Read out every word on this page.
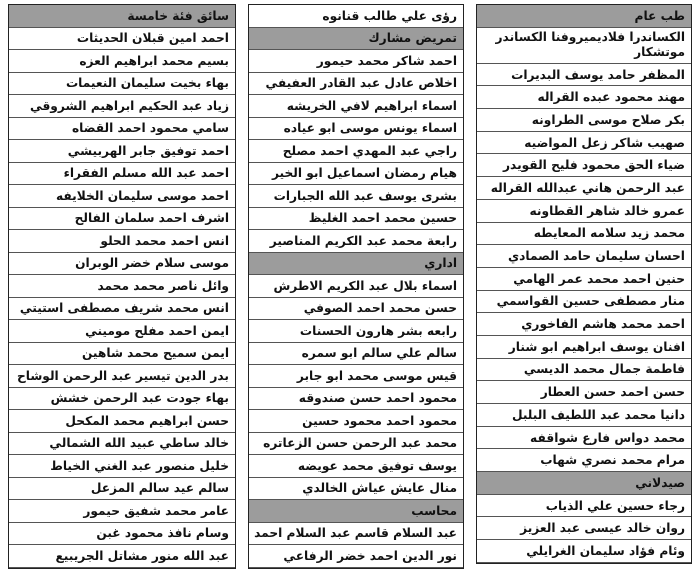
طب عام
الكساندرا فلاديميروفنا الكساندر موتشكار
المظفر حامد يوسف البديرات
مهند محمود عبده القراله
بكر صلاح موسى الطراونه
صهيب شاكر زعل المواضيه
ضياء الحق محمود فليح القويدر
عبد الرحمن هاني عبدالله القراله
عمرو خالد شاهر القطاونه
محمد زيد سلامه المعايطه
احسان سليمان حامد الصمادي
حنين احمد محمد عمر الهامي
منار مصطفى حسين القواسمي
احمد محمد هاشم الفاخوري
افنان يوسف ابراهيم ابو شنار
فاطمة جمال محمد الديسي
حسن احمد حسن العطار
دانيا محمد عبد اللطيف البلبل
محمد دواس فارع شواقفه
مرام محمد نصري شهاب
صيدلاني
رجاء حسين علي الذياب
روان خالد عيسى عبد العزيز
وئام فؤاد سليمان الغرايلي
رؤى علي طالب قنانوه
تمريض مشارك
احمد شاكر محمد حيمور
اخلاص عادل عبد القادر العفيفي
اسماء ابراهيم لافي الخريشه
اسماء يونس موسى ابو عياده
راجي عبد المهدي احمد مصلح
هيام رمضان اسماعيل ابو الخير
بشرى يوسف عبد الله الجبارات
حسين محمد احمد الغليظ
رابعة محمد عبد الكريم المناصير
اداري
اسماء بلال عبد الكريم الاطرش
حسن محمد احمد الصوفي
رابعه بشر هارون الحسنات
سالم علي سالم ابو سمره
قيس موسى محمد ابو جابر
محمود احمد حسن صندوقه
محمود احمد محمود حسين
محمد عبد الرحمن حسن الزعاتره
يوسف توفيق محمد عويضه
منال عايش عياش الخالدي
محاسب
عبد السلام قاسم عبد السلام احمد
نور الدين احمد خضر الرفاعي
سائق فئة خامسة
احمد امين قبلان الحديثات
بسيم محمد ابراهيم العزه
بهاء بخيت سليمان النعيمات
زياد عبد الحكيم ابراهيم الشروقي
سامي محمود احمد القضاه
احمد توفيق جابر الهربيشي
احمد عبد الله مسلم الفقراء
احمد موسى سليمان الخلايفه
اشرف احمد سلمان الفالح
انس احمد محمد الحلو
موسى سلام خضر الوبران
وائل ناصر محمد محمد
انس محمد شريف مصطفى استيتي
ايمن احمد مفلح موميني
ايمن سميح محمد شاهين
بدر الدين تيسير عبد الرحمن الوشاح
بهاء جودت عبد الرحمن خشش
حسن ابراهيم محمد المكحل
خالد ساطي عبيد الله الشمالي
خليل منصور عبد الغني الخياط
سالم عيد سالم المزعل
عامر محمد شفيق حيمور
وسام نافذ محمود غبن
عبد الله منور مشاتل الجريبيع
